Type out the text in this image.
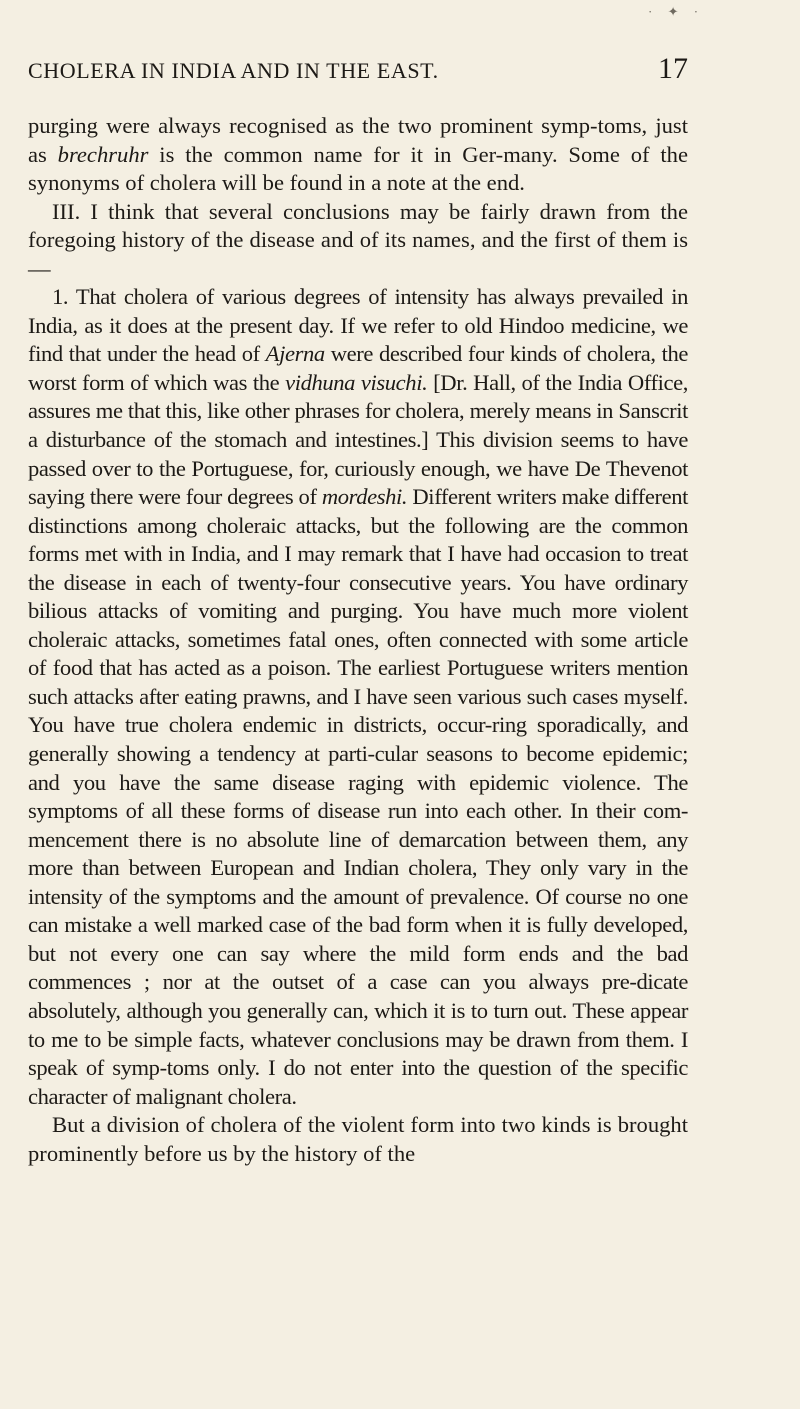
· ✦ ·
CHOLERA IN INDIA AND IN THE EAST.	17

purging were always recognised as the two prominent symp-toms, just as brechruhr is the common name for it in Ger-many. Some of the synonyms of cholera will be found in a note at the end.

III. I think that several conclusions may be fairly drawn from the foregoing history of the disease and of its names, and the first of them is—

1. That cholera of various degrees of intensity has always prevailed in India, as it does at the present day. If we refer to old Hindoo medicine, we find that under the head of Ajerna were described four kinds of cholera, the worst form of which was the vidhuna visuchi. [Dr. Hall, of the India Office, assures me that this, like other phrases for cholera, merely means in Sanscrit a disturbance of the stomach and intestines.] This division seems to have passed over to the Portuguese, for, curiously enough, we have De Thevenot saying there were four degrees of mordeshi. Different writers make different distinctions among choleraic attacks, but the following are the common forms met with in India, and I may remark that I have had occasion to treat the disease in each of twenty-four consecutive years. You have ordinary bilious attacks of vomiting and purging. You have much more violent choleraic attacks, sometimes fatal ones, often connected with some article of food that has acted as a poison. The earliest Portuguese writers mention such attacks after eating prawns, and I have seen various such cases myself. You have true cholera endemic in districts, occur-ring sporadically, and generally showing a tendency at parti-cular seasons to become epidemic; and you have the same disease raging with epidemic violence. The symptoms of all these forms of disease run into each other. In their com-mencement there is no absolute line of demarcation between them, any more than between European and Indian cholera, They only vary in the intensity of the symptoms and the amount of prevalence. Of course no one can mistake a well marked case of the bad form when it is fully developed, but not every one can say where the mild form ends and the bad commences ; nor at the outset of a case can you always pre-dicate absolutely, although you generally can, which it is to turn out. These appear to me to be simple facts, whatever conclusions may be drawn from them. I speak of symp-toms only. I do not enter into the question of the specific character of malignant cholera.

But a division of cholera of the violent form into two kinds is brought prominently before us by the history of the
